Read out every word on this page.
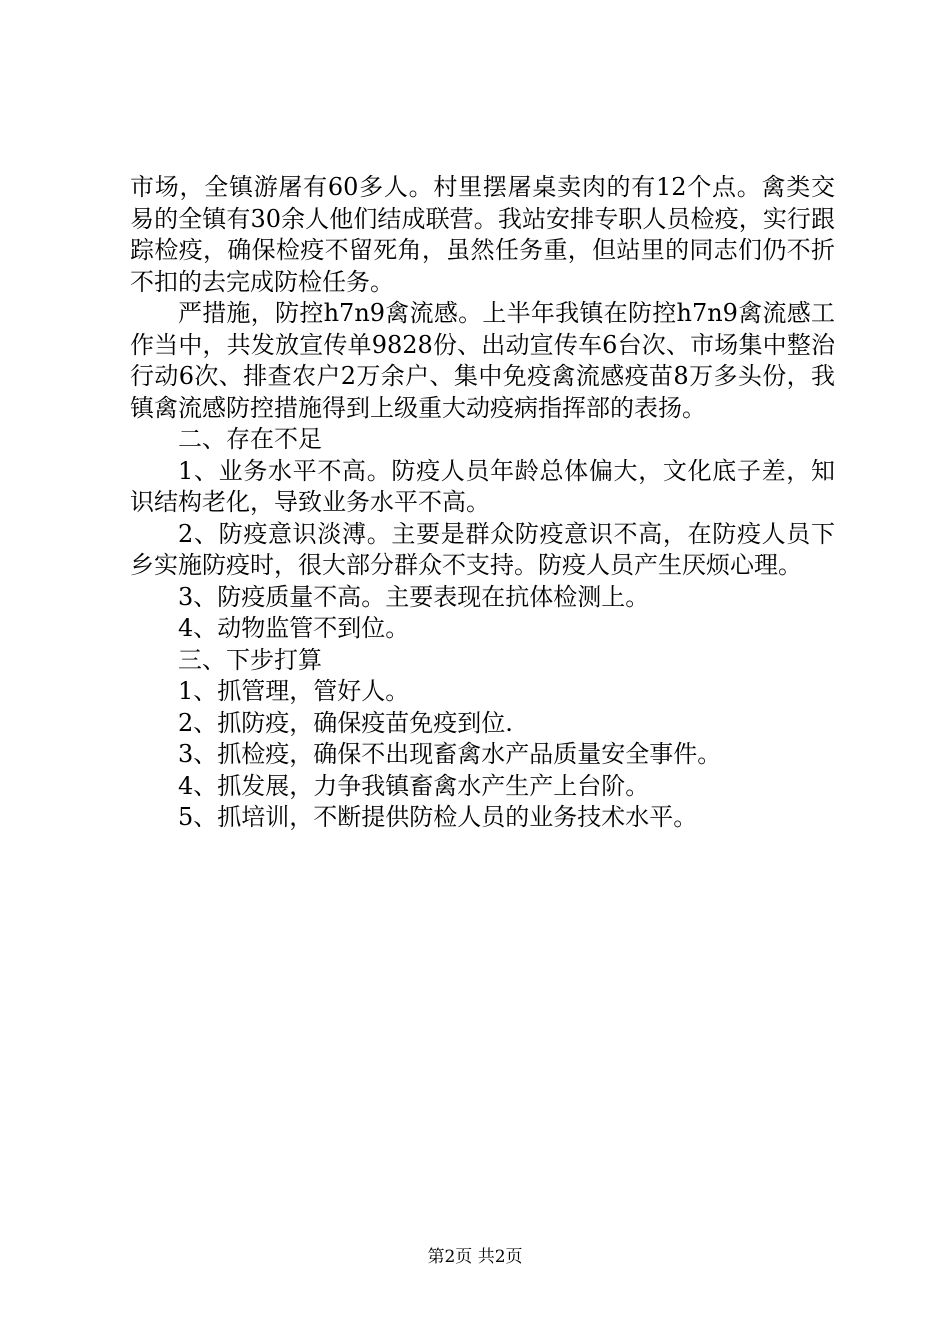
市场，全镇游屠有60多人。村里摆屠桌卖肉的有12个点。禽类交易的全镇有30余人他们结成联营。我站安排专职人员检疫，实行跟踪检疫，确保检疫不留死角，虽然任务重，但站里的同志们仍不折不扣的去完成防检任务。

严措施，防控h7n9禽流感。上半年我镇在防控h7n9禽流感工作当中，共发放宣传单9828份、出动宣传车6台次、市场集中整治行动6次、排查农户2万余户、集中免疫禽流感疫苗8万多头份，我镇禽流感防控措施得到上级重大动疫病指挥部的表扬。

二、存在不足

1、业务水平不高。防疫人员年龄总体偏大，文化底子差，知识结构老化，导致业务水平不高。

2、防疫意识淡溥。主要是群众防疫意识不高，在防疫人员下乡实施防疫时，很大部分群众不支持。防疫人员产生厌烦心理。

3、防疫质量不高。主要表现在抗体检测上。

4、动物监管不到位。

三、下步打算

1、抓管理，管好人。

2、抓防疫，确保疫苗免疫到位.

3、抓检疫，确保不出现畜禽水产品质量安全事件。

4、抓发展，力争我镇畜禽水产生产上台阶。

5、抓培训，不断提供防检人员的业务技术水平。

第2页 共2页
